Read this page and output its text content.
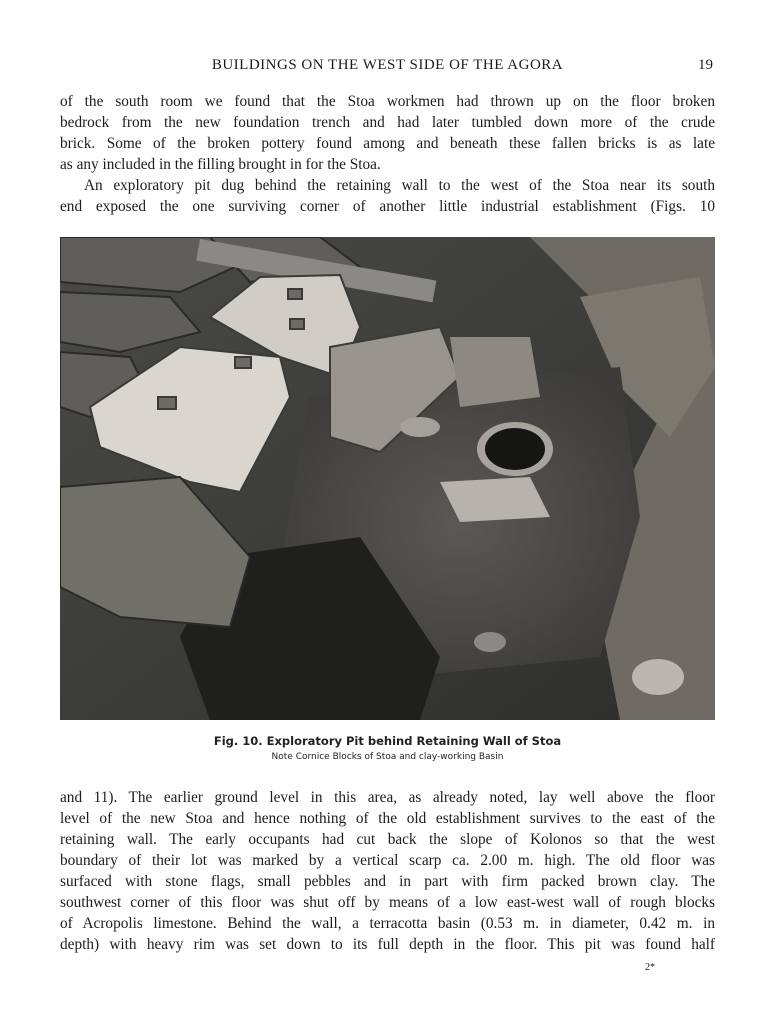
BUILDINGS ON THE WEST SIDE OF THE AGORA	19
of the south room we found that the Stoa workmen had thrown up on the floor broken
bedrock from the new foundation trench and had later tumbled down more of the crude
brick. Some of the broken pottery found among and beneath these fallen bricks is as late
as any included in the filling brought in for the Stoa.
An exploratory pit dug behind the retaining wall to the west of the Stoa near its south
end exposed the one surviving corner of another little industrial establishment (Figs. 10
Fig. 10. Exploratory Pit behind Retaining Wall of Stoa
Note Cornice Blocks of Stoa and clay-working Basin
and 11). The earlier ground level in this area, as already noted, lay well above the floor
level of the new Stoa and hence nothing of the old establishment survives to the east of the
retaining wall. The early occupants had cut back the slope of Kolonos so that the west
boundary of their lot was marked by a vertical scarp ca. 2.00 m. high. The old floor was
surfaced with stone flags, small pebbles and in part with firm packed brown clay. The
southwest corner of this floor was shut off by means of a low east-west wall of rough blocks
of Acropolis limestone. Behind the wall, a terracotta basin (0.53 m. in diameter, 0.42 m. in
depth) with heavy rim was set down to its full depth in the floor. This pit was found half
2*
